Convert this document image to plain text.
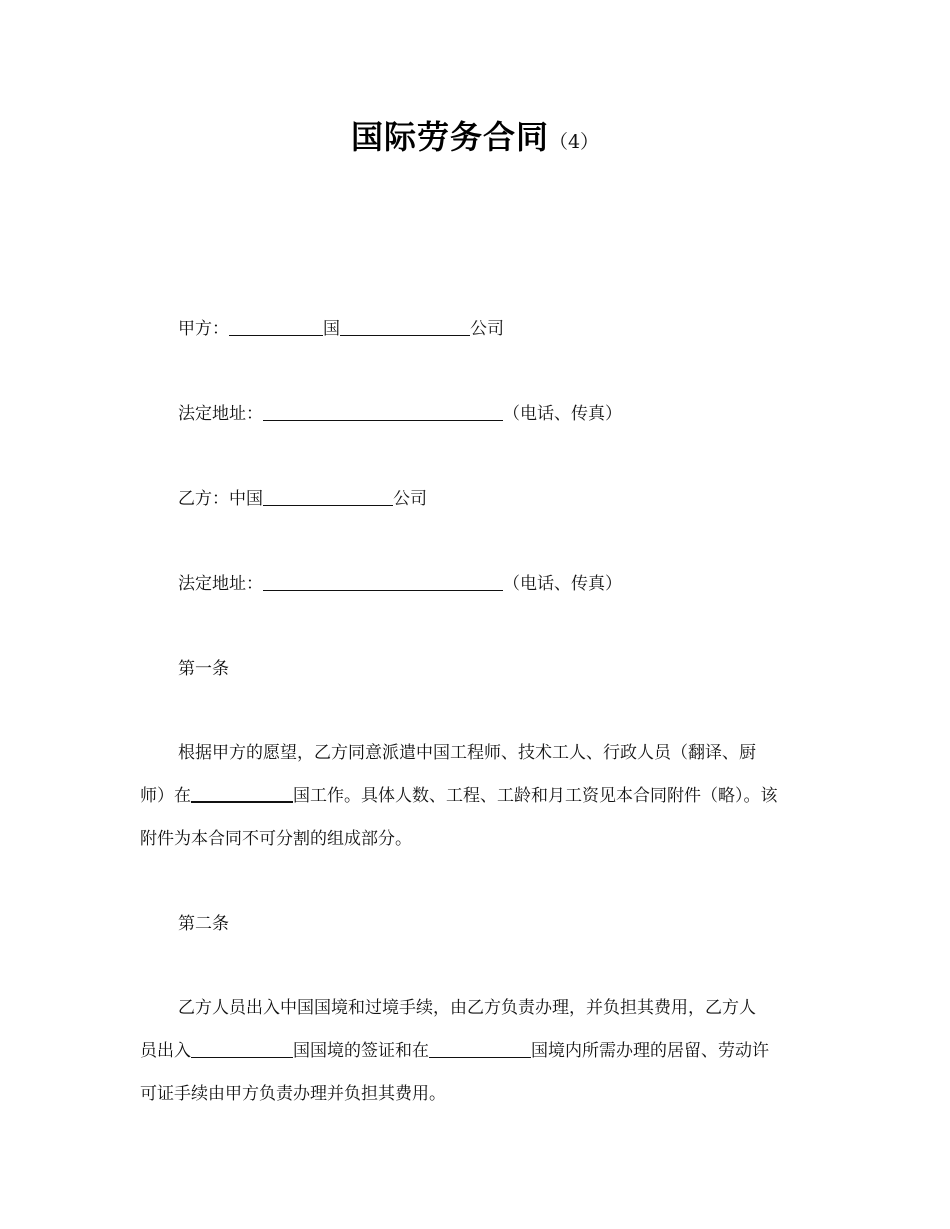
国际劳务合同（4）
甲方：	国	公司
法定地址：	（电话、传真）
乙方：中国	公司
法定地址：	（电话、传真）
第一条
根据甲方的愿望，乙方同意派遣中国工程师、技术工人、行政人员（翻译、厨
师）在	国工作。具体人数、工程、工龄和月工资见本合同附件（略）。该
附件为本合同不可分割的组成部分。
第二条
乙方人员出入中国国境和过境手续，由乙方负责办理，并负担其费用，乙方人
员出入	国国境的签证和在	国境内所需办理的居留、劳动许
可证手续由甲方负责办理并负担其费用。
